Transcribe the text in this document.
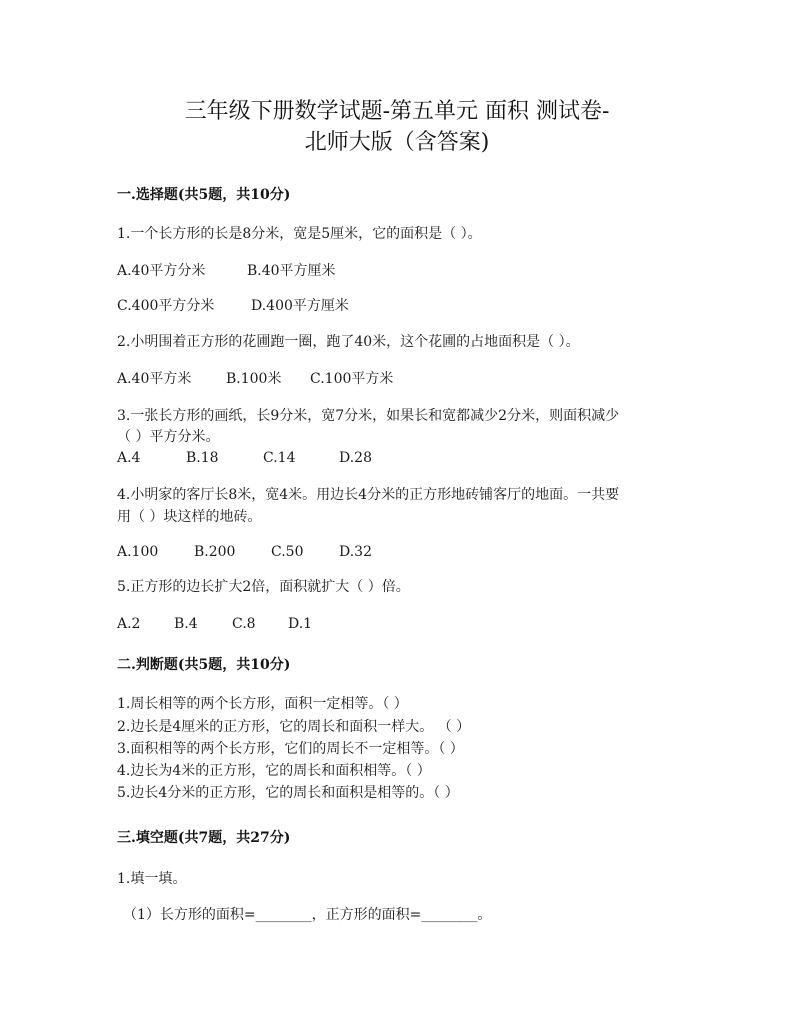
三年级下册数学试题-第五单元 面积 测试卷-
北师大版（含答案)
一.选择题(共5题，共10分)
1.一个长方形的长是8分米，宽是5厘米，它的面积是（ ）。
A.40平方分米	B.40平方厘米
C.400平方分米	D.400平方厘米
2.小明围着正方形的花圃跑一圈，跑了40米，这个花圃的占地面积是（ ）。
A.40平方米 B.100米 C.100平方米
3.一张长方形的画纸，长9分米，宽7分米，如果长和宽都减少2分米，则面积减少
（ ）平方分米。
A.4	B.18	C.14	D.28
4.小明家的客厅长8米，宽4米。用边长4分米的正方形地砖铺客厅的地面。一共要
用（ ）块这样的地砖。
A.100	B.200	C.50	D.32
5.正方形的边长扩大2倍，面积就扩大（ ）倍。
A.2 B.4 C.8 D.1
二.判断题(共5题，共10分)
1.周长相等的两个长方形，面积一定相等。（ ）
2.边长是4厘米的正方形，它的周长和面积一样大。 （ ）
3.面积相等的两个长方形，它们的周长不一定相等。（ ）
4.边长为4米的正方形，它的周长和面积相等。（ ）
5.边长4分米的正方形，它的周长和面积是相等的。（ ）
三.填空题(共7题，共27分)
1.填一填。
（1）长方形的面积=________，正方形的面积=________。
